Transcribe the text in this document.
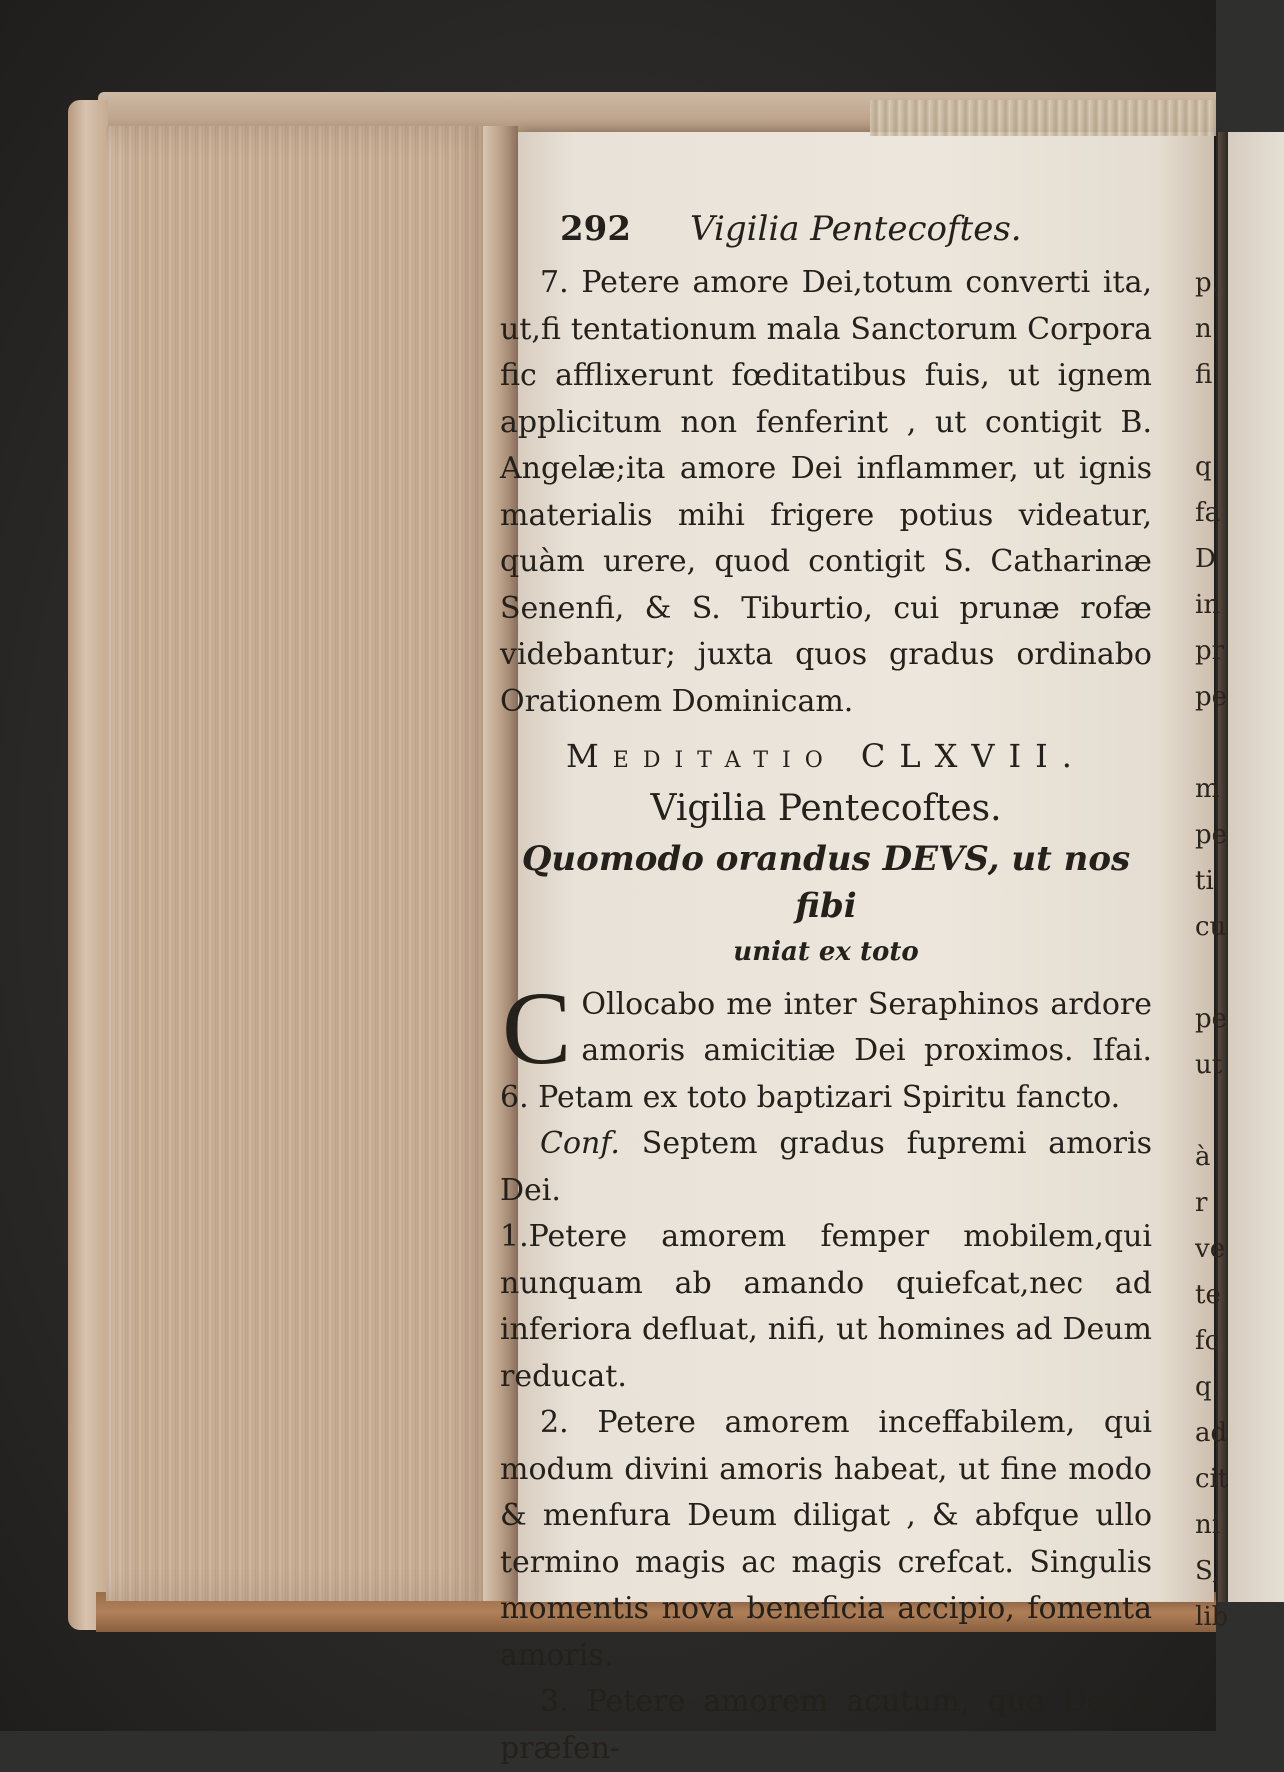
292	Vigilia Pentecoftes.

7. Petere amore Dei,totum converti ita, ut,fi tentationum mala Sanctorum Corpora fic afflixerunt fœditatibus fuis, ut ignem applicitum non fenferint , ut contigit B. Angelæ;ita amore Dei inflammer, ut ignis materialis mihi frigere potius videatur, quàm urere, quod contigit S. Catharinæ Senenfi, & S. Tiburtio, cui prunæ rofæ videbantur; juxta quos gradus ordinabo Orationem Dominicam.

Meditatio CLXVII.

Vigilia Pentecoftes.

Quomodo orandus DEVS, ut nos fibi

uniat ex toto

C Ollocabo me inter Seraphinos ardore amoris amicitiæ Dei proximos. Ifai. 6. Petam ex toto baptizari Spiritu fancto.

Conf. Septem gradus fupremi amoris Dei.

1.Petere amorem femper mobilem,qui nunquam ab amando quiefcat,nec ad inferiora defluat, nifi, ut homines ad Deum reducat.

2. Petere amorem inceffabilem, qui modum divini amoris habeat, ut fine modo & menfura Deum diligat , & abfque ullo termino magis ac magis crefcat. Singulis momentis nova beneficia accipio, fomenta amoris.

3. Petere amorem acutum, quo Deum præfen-

p.
n
fi

q
fa
D
in
pr
pe

m
pe
ti
cu

pe
ut

à r
ve
te
fc
q.
ad
cit
ni
S,
lib
